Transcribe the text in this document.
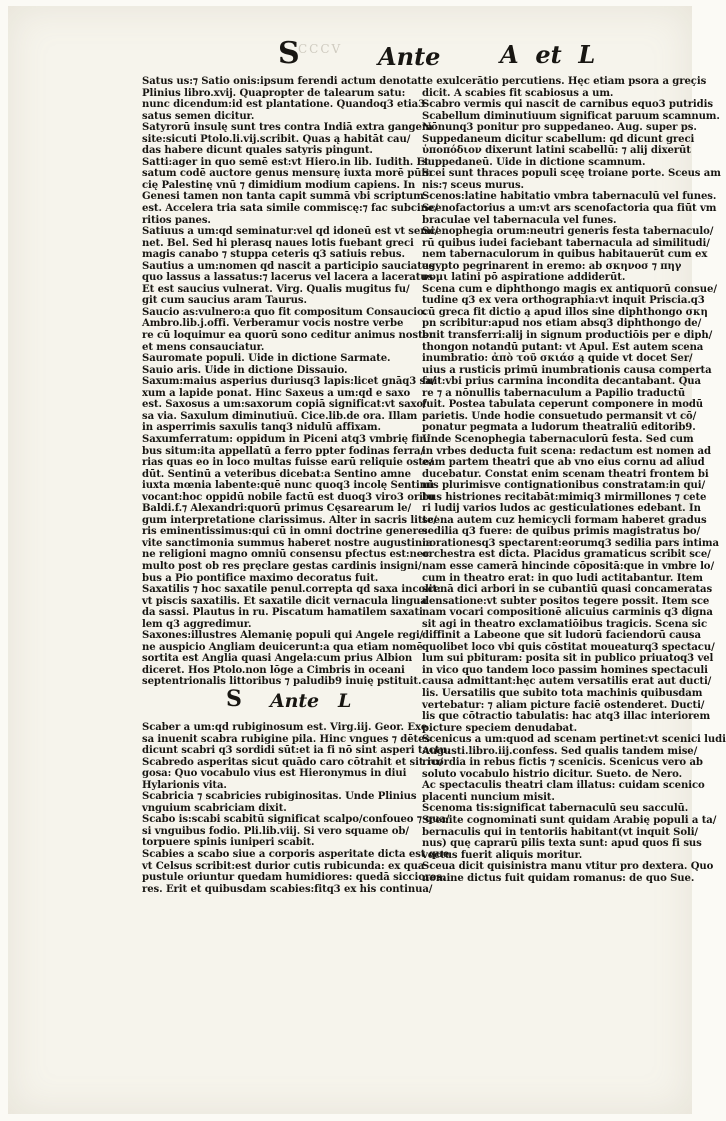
S	Ante A  et  L
CCCV
Satus us:⁊ Satio onis:ipsum ferendi actum denotat.
Plinius libro.xvij. Quapropter de talearum satu:
nunc dicendum:id est plantatione. Quandoq3 etia3
satus semen dicitur.
Satyrorū insulę sunt tres contra Indiā extra gangem
site:sicuti Ptolo.li.vij.scribit. Quas ą habitāt cau/
das habere dicunt quales satyris pingunt.
Satti:ager in quo semē est:vt Hiero.in lib. Iudith. Et
satum codē auctore genus mensurę iuxta morē pūin
cię Palestinę vnū ⁊ dimidium modium capiens. In
Genesi tamen non tanta capit summā vbi scriptum
est. Accelera tria sata simile commiscę:⁊ fac subcine/
ritios panes.
Satiuus a um:qd seminatur:vel qd idoneū est vt semi/
net. Bel. Sed hi plerasq naues lotis fuebant greci
magis canabo ⁊ stuppa ceteris q3 satiuis rebus.
Sautius a um:nomen qd nascit a participio sauciatus
quo lassus a lassatus:⁊ lacerus vel lacera a laceratus
Et est saucius vulnerat. Virg. Qualis mugitus fu/
git cum saucius aram Taurus.
Saucio as:vulnero:a quo fit compositum Consaucio.
Ambro.lib.j.offi. Verberamur vocis nostre verbe
re cū loquimur ea quorū sono ceditur animus noster
et mens consauciatur.
Sauromate populi. Uide in dictione Sarmate.
Sauio aris. Uide in dictione Dissauio.
Saxum:maius asperius duriusq3 lapis:licet gnāq3 sa/
xum a lapide ponat. Hinc Saxeus a um:qd e saxo
est. Saxosus a um:saxorum copiā significat:vt saxo/
sa via. Saxulum diminutiuū. Cice.lib.de ora. Illam
in asperrimis saxulis tanq3 nidulū affixam.
Saxumferratum: oppidum in Piceni atq3 vmbrię fini
bus situm:ita appellatū a ferro ppter fodinas ferra/
rias quas eo in loco multas fuisse earū reliquie oste/
dūt. Sentinū a veteribus dicebat:a Sentino amne
iuxta mœnia labente:quē nunc quoq3 incolę Sentinū
vocant:hoc oppidū nobile factū est duoq3 viro3 oritu
Baldi.f.⁊ Alexandri:quorū primus Cęsarearum le/
gum interpretatione clarissimus. Alter in sacris litte/
ris eminentissimus:qui cū in omni doctrine genere:
vite sanctimonia summus haberet nostre augustinia
ne religioni magno omniū consensu pfectus est:nec
multo post ob res pręclare gestas cardinis insigni/
bus a Pio pontifice maximo decoratus fuit.
Saxatilis ⁊ hoc saxatile penul.correpta qd saxa incolit:
vt piscis saxatilis. Et saxatile dicit vernacula lingua
da sassi. Plautus in ru. Piscatum hamatilem saxati
lem q3 aggredimur.
Saxones:illustres Alemanię populi qui Angele regi/
ne auspicio Angliam deuicerunt:a qua etiam nomē
sortita est Anglia quasi Angela:cum prius Albion
diceret. Hos Ptolo.non lōge a Cimbris in oceani
septentrionalis littoribus ⁊ paludib9 inuię pstituit.
S Ante L
Scaber a um:qd rubiginosum est. Virg.iij. Geor. Exe
sa inuenit scabra rubigine pila. Hinc vngues ⁊ dētes
dicunt scabri q3 sordidi sūt:et ia fi nō sint asperi tactu.
Scabredo asperitas sicut quādo caro cōtrahit et sit ru/
gosa: Quo vocabulo vius est Hieronymus in diui
Hylarionis vita.
Scabricia ⁊ scabricies rubiginositas. Unde Plinius
vnguium scabriciam dixit.
Scabo is:scabi scabitū significat scalpo/confoueo ⁊ qua/
si vnguibus fodio. Pli.lib.viij. Si vero squame ob/
torpuere spinis iuniperi scabit.
Scabies a scabo siue a corporis asperitate dicta est que
vt Celsus scribit:est durior cutis rubicunda: ex qua
pustule oriuntur quedam humidiores: quedā sicciores.
res. Erit et quibusdam scabies:fitq3 ex his continua/
te exulcerātio percutiens. Hęc etiam psora a greçis
dicit. A scabies fit scabiosus a um.
Scabro vermis qui nascit de carnibus equo3 putridis
Scabellum diminutiuum significat paruum scamnum.
Nōnunq3 ponitur pro suppedaneo. Aug. super ps.
Suppedaneum dicitur scabellum: qd dicunt greci
ὑποπόδιον dixerunt latini scabellū: ⁊ alij dixerūt
suppedaneū. Uide in dictione scamnum.
Scei sunt thraces populi scęę troiane porte. Sceus am
nis:⁊ sceus murus.
Scenos:latine habitatio vmbra tabernaculū vel funes.
Scenofactorius a um:vt ars scenofactoria qua fiūt vm
braculae vel tabernacula vel funes.
Scenophegia orum:neutri generis festa tabernaculo/
rū quibus iudei faciebant tabernacula ad similitudi/
nem tabernaculorum in quibus habitauerūt cum ex
egypto pegrinarent in eremo: ab σκηνοσ ⁊ πηγ
νυμι latini pō aspiratione addiderūt.
Scena cum e diphthongo magis ex antiquorū consue/
tudine q3 ex vera orthographia:vt inquit Priscia.q3
cū greca fit dictio ą apud illos sine diphthongo σκη
pn scribitur:apud nos etiam absq3 diphthongo de/
buit transferri:alij in signum productiōis per e diph/
thongon notandū putant: vt Apul. Est autem scena
inumbratio: ἀπὸ τοῦ σκιάσ ą quide vt docet Ser/
uius a rusticis primū inumbrationis causa comperta
fuit:vbi prius carmina incondita decantabant. Qua
re ⁊ a nōnullis tabernaculum a Papilio traductū
fuit. Postea tabulata ceperunt componere in modū
parietis. Unde hodie consuetudo permansit vt cō/
ponatur pegmata a ludorum theatraliū editorib9.
Unde Scenophegia tabernaculorū festa. Sed cum
in vrbes deducta fuit scena: redactum est nomen ad
eam partem theatri que ab vno eius cornu ad aliud
ducebatur. Constat enim scenam theatri frontem bi
nis plurimisve contignationibus constratam:in qui/
bus histriones recitabāt:mimiq3 mirmillones ⁊ cete
ri ludij varios ludos ac gesticulationes edebant. In
scena autem cuz hemicycli formam haberet gradus
sedilia q3 fuere: de quibus primis magistratus bo/
norationesq3 spectarent:eorumq3 sedilia pars intima
orchestra est dicta. Placidus gramaticus scribit sce/
nam esse camerā hincinde cōpositā:que in vmbre lo/
cum in theatro erat: in quo ludi actitabantur. Item
scenā dici arbori in se cubantiū quasi concameratas
densatione:vt subter positos tegere possit. Item sce
nam vocari compositionē alicuius carminis q3 digna
sit agi in theatro exclamatiōibus tragicis. Scena sic
diffinit a Labeone que sit ludorū faciendorū causa
quolibet loco vbi quis cōstitat moueaturq3 spectacu/
lum sui pbituram: posita sit in publico priuatoq3 vel
in vico quo tandem loco passim homines spectaculi
causa admittant:hęc autem versatilis erat aut ducti/
lis. Uersatilis que subito tota machinis quibusdam
vertebatur: ⁊ aliam picture faciē ostenderet. Ducti/
lis que cōtractio tabulatis: hac atq3 illac interiorem
picture speciem denudabat.
Scenicus a um:quod ad scenam pertinet:vt scenici ludi
Augusti.libro.iij.confess. Sed qualis tandem mise/
ricordia in rebus fictis ⁊ scenicis. Scenicus vero ab
soluto vocabulo histrio dicitur. Sueto. de Nero.
Ac spectaculis theatri clam illatus: cuidam scenico
placenti nuncium misit.
Scenoma tis:significat tabernaculū seu sacculū.
Scenite cognominati sunt quidam Arabię populi a ta/
bernaculis qui in tentoriis habitant(vt inquit Soli/
nus) quę caprarū pilis texta sunt: apud quos fi sus
vectus fuerit aliquis moritur.
Sceua dicit quisinistra manu vtitur pro dextera. Quo
nomine dictus fuit quidam romanus: de quo Sue.
